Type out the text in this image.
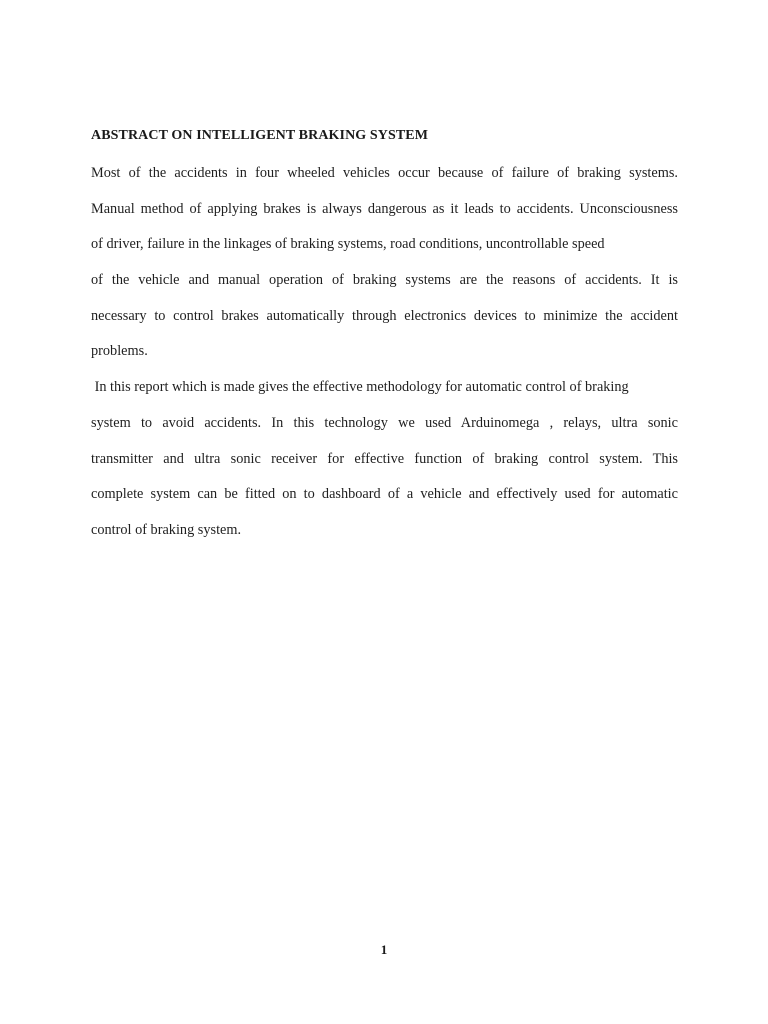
ABSTRACT ON INTELLIGENT BRAKING SYSTEM
Most of the accidents in four wheeled vehicles occur because of failure of braking systems.
Manual method of applying brakes is always dangerous as it leads to accidents. Unconsciousness
of driver, failure in the linkages of braking systems, road conditions, uncontrollable speed
of the vehicle and manual operation of braking systems are the reasons of accidents. It is
necessary to control brakes automatically through electronics devices to minimize the accident
problems.
In this report which is made gives the effective methodology for automatic control of braking
system to avoid accidents. In this technology we used Arduinomega , relays, ultra sonic
transmitter and ultra sonic receiver for effective function of braking control system. This
complete system can be fitted on to dashboard of a vehicle and effectively used for automatic
control of braking system.
1
